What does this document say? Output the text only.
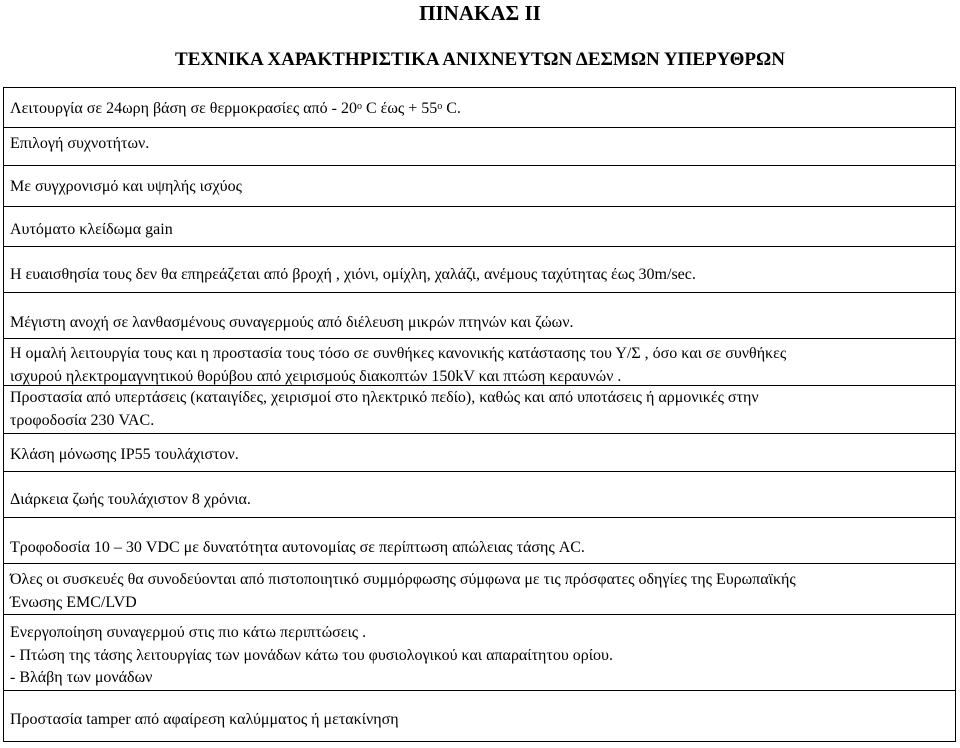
ΠΙΝΑΚΑΣ ΙΙ
ΤΕΧΝΙΚΑ ΧΑΡΑΚΤΗΡΙΣΤΙΚΑ ΑΝΙΧΝΕΥΤΩΝ ΔΕΣΜΩΝ ΥΠΕΡΥΘΡΩΝ
Λειτουργία σε 24ωρη βάση σε θερμοκρασίες από - $20^o$ C $έ\omega\varsigma + 55^o$ C.
Επιλογή συχνοτήτων.
Με συγχρονισμό και υψηλής ισχύος
Αυτόματο κλείδωμα gain
Η ευαισθησία τους δεν θα επηρεάζεται από βροχή , χιόνι, ομίχλη, χαλάζι, ανέμους ταχύτητας έως 30m/sec.
Μέγιστη ανοχή σε λανθασμένους συναγερμούς από διέλευση μικρών πτηνών και ζώων.
Η ομαλή λειτουργία τους και η προστασία τους τόσο σε συνθήκες κανονικής κατάστασης του Υ/Σ , όσο και σε συνθήκες
ισχυρού ηλεκτρομαγνητικού θορύβου από χειρισμούς διακοπτών 150kV και πτώση κεραυνών .
Προστασία από υπερτάσεις (καταιγίδες, χειρισμοί στο ηλεκτρικό πεδίο), καθώς και από υποτάσεις ή αρμονικές στην
τροφοδοσία 230 VAC.
Κλάση μόνωσης IP55 τουλάχιστον.
Διάρκεια ζωής τουλάχιστον 8 χρόνια.
Τροφοδοσία 10 – 30 VDC με δυνατότητα αυτονομίας σε περίπτωση απώλειας τάσης AC.
Όλες οι συσκευές θα συνοδεύονται από πιστοποιητικό συμμόρφωσης σύμφωνα με τις πρόσφατες οδηγίες της Ευρωπαϊκής
Ένωσης EMC/LVD
Ενεργοποίηση συναγερμού στις πιο κάτω περιπτώσεις .
- Πτώση της τάσης λειτουργίας των μονάδων κάτω του φυσιολογικού και απαραίτητου ορίου.
- Βλάβη των μονάδων
Προστασία tamper από αφαίρεση καλύμματος ή μετακίνηση
